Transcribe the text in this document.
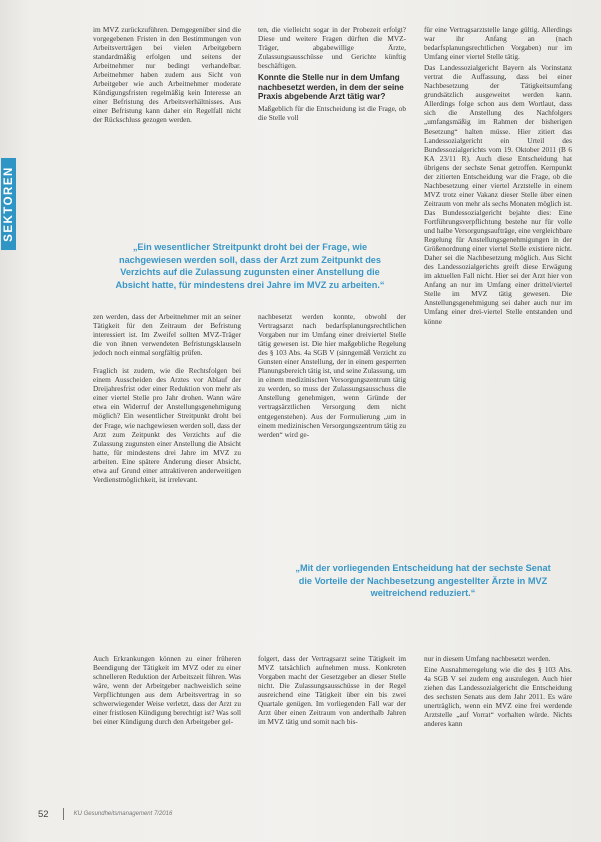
SEKTOREN

im MVZ zurückzuführen. Demgegenüber sind die vorgegebenen Fristen in den Bestimmungen von Arbeitsverträgen bei vielen Arbeitgebern standardmäßig erfolgen und seitens der Arbeitnehmer nur bedingt verhandelbar. Arbeitnehmer haben zudem aus Sicht von Arbeitgeber wie auch Arbeitnehmer moderate Kündigungsfristen regelmäßig kein Interesse an einer Befristung des Arbeitsverhältnisses. Aus einer Befristung kann daher ein Regelfall nicht der Rückschluss gezogen werden.

ten, die vielleicht sogar in der Probezeit erfolgt? Diese und weitere Fragen dürften die MVZ-Träger, abgabewillige Ärzte, Zulassungsausschüsse und Gerichte künftig beschäftigen.

Konnte die Stelle nur in dem Umfang nachbesetzt werden, in dem der seine Praxis abgebende Arzt tätig war?

Maßgeblich für die Entscheidung ist die Frage, ob die Stelle voll

für eine Vertragsarztstelle lange gültig. Allerdings war ihr Anfang an (nach bedarfsplanungsrechtlichen Vorgaben) nur im Umfang einer viertel Stelle tätig.

Das Landessozialgericht Bayern als Vorinstanz vertrat die Auffassung, dass bei einer Nachbesetzung der Tätigkeitsumfang grundsätzlich ausgeweitet werden kann. Allerdings folge schon aus dem Wortlaut, dass sich die Anstellung des Nachfolgers „umfangsmäßig im Rahmen der bisherigen Besetzung“ halten müsse. Hier zitiert das Landessozialgericht ein Urteil des Bundessozialgerichts vom 19. Oktober 2011 (B 6 KA 23/11 R). Auch diese Entscheidung hat übrigens der sechste Senat getroffen. Kernpunkt der zitierten Entscheidung war die Frage, ob die Nachbesetzung einer viertel Arztstelle in einem MVZ trotz einer Vakanz dieser Stelle über einen Zeitraum von mehr als sechs Monaten möglich ist. Das Bundessozialgericht bejahte dies: Eine Fortführungsverpflichtung bestehe nur für volle und halbe Versorgungsaufträge, eine vergleichbare Regelung für Anstellungsgenehmigungen in der Größenordnung einer viertel Stelle existiere nicht. Daher sei die Nachbesetzung möglich. Aus Sicht des Landessozialgerichts greift diese Erwägung im aktuellen Fall nicht. Hier sei der Arzt hier von Anfang an nur im Umfang einer drittel/viertel Stelle im MVZ tätig gewesen. Die Anstellungsgenehmigung sei daher auch nur im Umfang einer drei-viertel Stelle entstanden und könne

„Ein wesentlicher Streitpunkt droht bei der Frage, wie nachgewiesen werden soll, dass der Arzt zum Zeitpunkt des Verzichts auf die Zulassung zugunsten einer Anstellung die Absicht hatte, für mindestens drei Jahre im MVZ zu arbeiten.“

zen werden, dass der Arbeitnehmer mit an seiner Tätigkeit für den Zeitraum der Befristung interessiert ist. Im Zweifel sollten MVZ-Träger die von ihnen verwendeten Befristungsklauseln jedoch noch einmal sorgfältig prüfen.

Fraglich ist zudem, wie die Rechtsfolgen bei einem Ausscheiden des Arztes vor Ablauf der Dreijahresfrist oder einer Reduktion von mehr als einer viertel Stelle pro Jahr drohen. Wann wäre etwa ein Widerruf der Anstellungsgenehmigung möglich? Ein wesentlicher Streitpunkt droht bei der Frage, wie nachgewiesen werden soll, dass der Arzt zum Zeitpunkt des Verzichts auf die Zulassung zugunsten einer Anstellung die Absicht hatte, für mindestens drei Jahre im MVZ zu arbeiten. Eine spätere Änderung dieser Absicht, etwa auf Grund einer attraktiveren anderweitigen Verdienstmöglichkeit, ist irrelevant.

nachbesetzt werden konnte, obwohl der Vertragsarzt nach bedarfsplanungsrechtlichen Vorgaben nur im Umfang einer dreiviertel Stelle tätig gewesen ist. Die hier maßgebliche Regelung des § 103 Abs. 4a SGB V (sinngemäß Verzicht zu Gunsten einer Anstellung, der in einem gesperrten Planungsbereich tätig ist, und seine Zulassung, um in einem medizinischen Versorgungszentrum tätig zu werden, so muss der Zulassungsausschuss die Anstellung genehmigen, wenn Gründe der vertragsärztlichen Versorgung dem nicht entgegenstehen). Aus der Formulierung „um in einem medizinischen Versorgungszentrum tätig zu werden“ wird ge-

„Mit der vorliegenden Entscheidung hat der sechste Senat die Vorteile der Nachbesetzung angestellter Ärzte in MVZ weitreichend reduziert.“

Auch Erkrankungen können zu einer früheren Beendigung der Tätigkeit im MVZ oder zu einer schnelleren Reduktion der Arbeitszeit führen. Was wäre, wenn der Arbeitgeber nachweislich seine Verpflichtungen aus dem Arbeitsvertrag in so schwerwiegender Weise verletzt, dass der Arzt zu einer fristlosen Kündigung berechtigt ist? Was soll bei einer Kündigung durch den Arbeitgeber gel-

folgert, dass der Vertragsarzt seine Tätigkeit im MVZ tatsächlich aufnehmen muss. Konkreten Vorgaben macht der Gesetzgeber an dieser Stelle nicht. Die Zulassungsausschüsse in der Regel ausreichend eine Tätigkeit über ein bis zwei Quartale genügen. Im vorliegenden Fall war der Arzt über einen Zeitraum von anderthalb Jahren im MVZ tätig und somit nach bis-

nur in diesem Umfang nachbesetzt werden.

Eine Ausnahmeregelung wie die des § 103 Abs. 4a SGB V sei zudem eng auszulegen. Auch hier ziehen das Landessozialgericht die Entscheidung des sechsten Senats aus dem Jahr 2011. Es wäre unerträglich, wenn ein MVZ eine frei werdende Arztstelle „auf Vorrat“ vorhalten würde. Nichts anderes kann

52	KU Gesundheitsmanagement 7/2016
